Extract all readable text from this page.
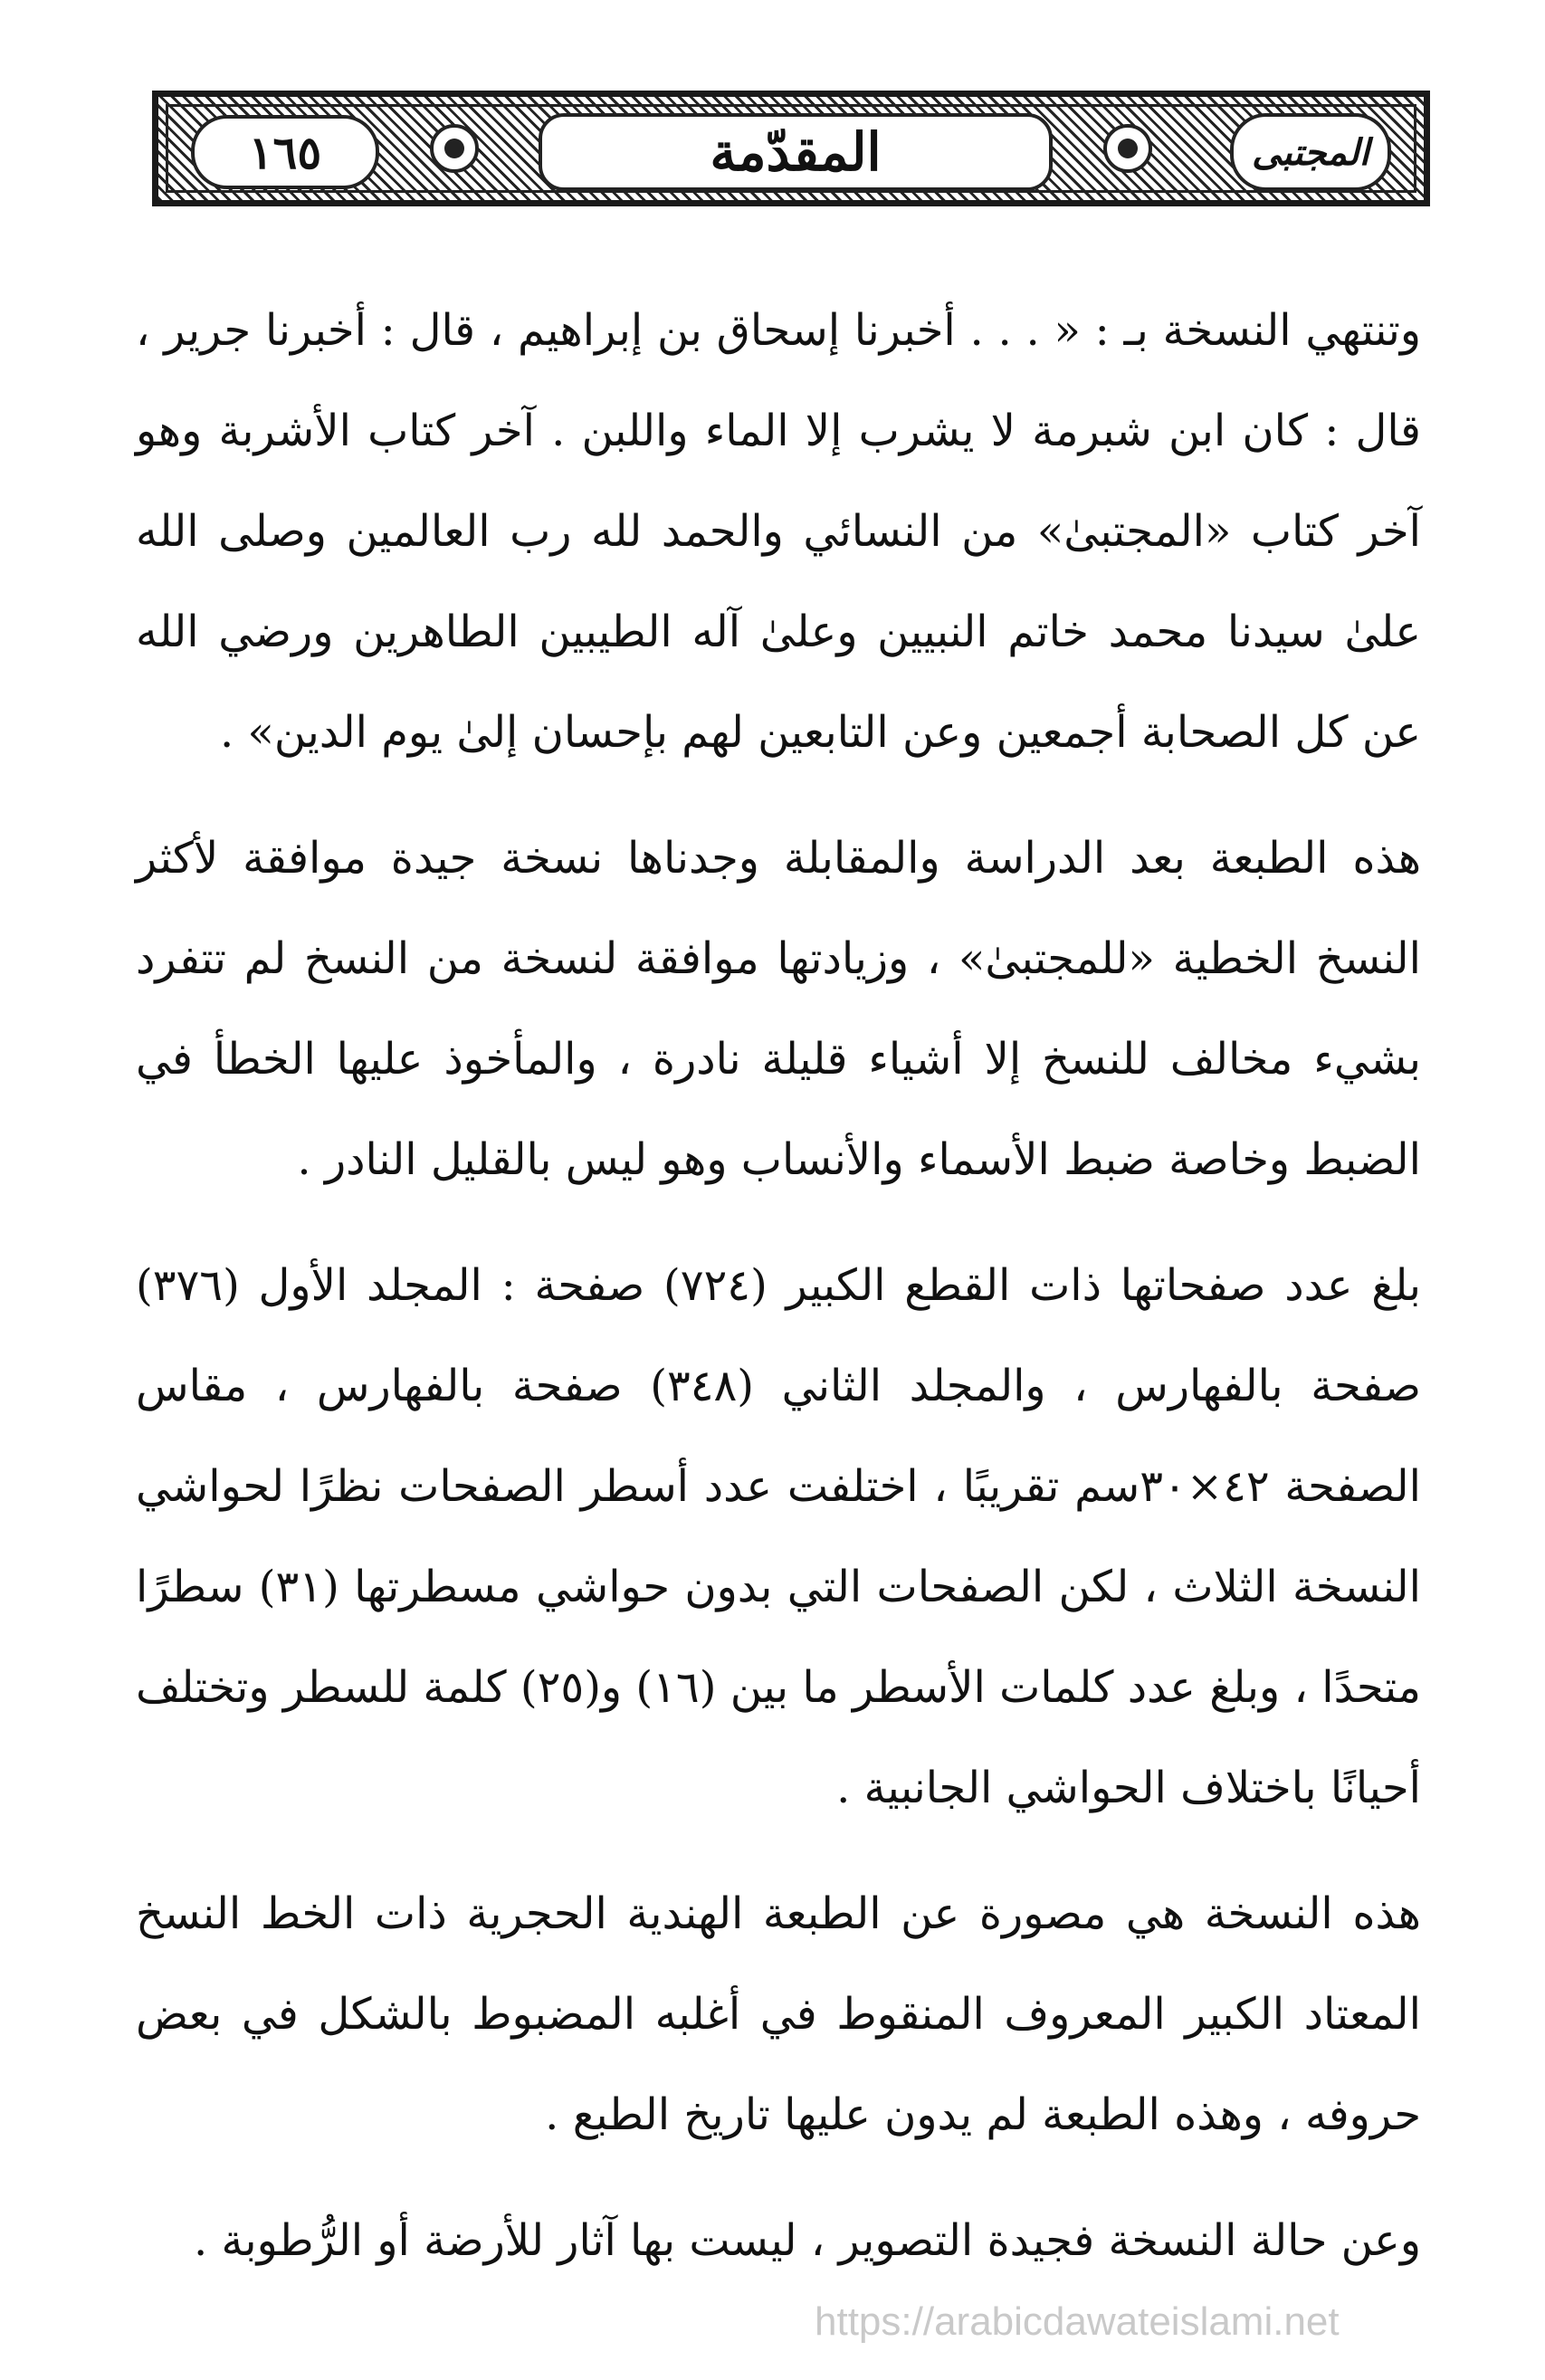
١٦٥	المقدّمة	المجتبى

وتنتهي النسخة بـ : « . . . أخبرنا إسحاق بن إبراهيم ، قال : أخبرنا جرير ، قال : كان ابن شبرمة لا يشرب إلا الماء واللبن . آخر كتاب الأشربة وهو آخر كتاب «المجتبىٰ» من النسائي والحمد لله رب العالمين وصلى الله علىٰ سيدنا محمد خاتم النبيين وعلىٰ آله الطيبين الطاهرين ورضي الله عن كل الصحابة أجمعين وعن التابعين لهم بإحسان إلىٰ يوم الدين» .

هذه الطبعة بعد الدراسة والمقابلة وجدناها نسخة جيدة موافقة لأكثر النسخ الخطية «للمجتبىٰ» ، وزيادتها موافقة لنسخة من النسخ لم تتفرد بشيء مخالف للنسخ إلا أشياء قليلة نادرة ، والمأخوذ عليها الخطأ في الضبط وخاصة ضبط الأسماء والأنساب وهو ليس بالقليل النادر .

بلغ عدد صفحاتها ذات القطع الكبير (٧٢٤) صفحة : المجلد الأول (٣٧٦) صفحة بالفهارس ، والمجلد الثاني (٣٤٨) صفحة بالفهارس ، مقاس الصفحة ٤٢×٣٠سم تقريبًا ، اختلفت عدد أسطر الصفحات نظرًا لحواشي النسخة الثلاث ، لكن الصفحات التي بدون حواشي مسطرتها (٣١) سطرًا متحدًا ، وبلغ عدد كلمات الأسطر ما بين (١٦) و(٢٥) كلمة للسطر وتختلف أحيانًا باختلاف الحواشي الجانبية .

هذه النسخة هي مصورة عن الطبعة الهندية الحجرية ذات الخط النسخ المعتاد الكبير المعروف المنقوط في أغلبه المضبوط بالشكل في بعض حروفه ، وهذه الطبعة لم يدون عليها تاريخ الطبع .

وعن حالة النسخة فجيدة التصوير ، ليست بها آثار للأرضة أو الرُّطوبة .

https://arabicdawateislami.net
